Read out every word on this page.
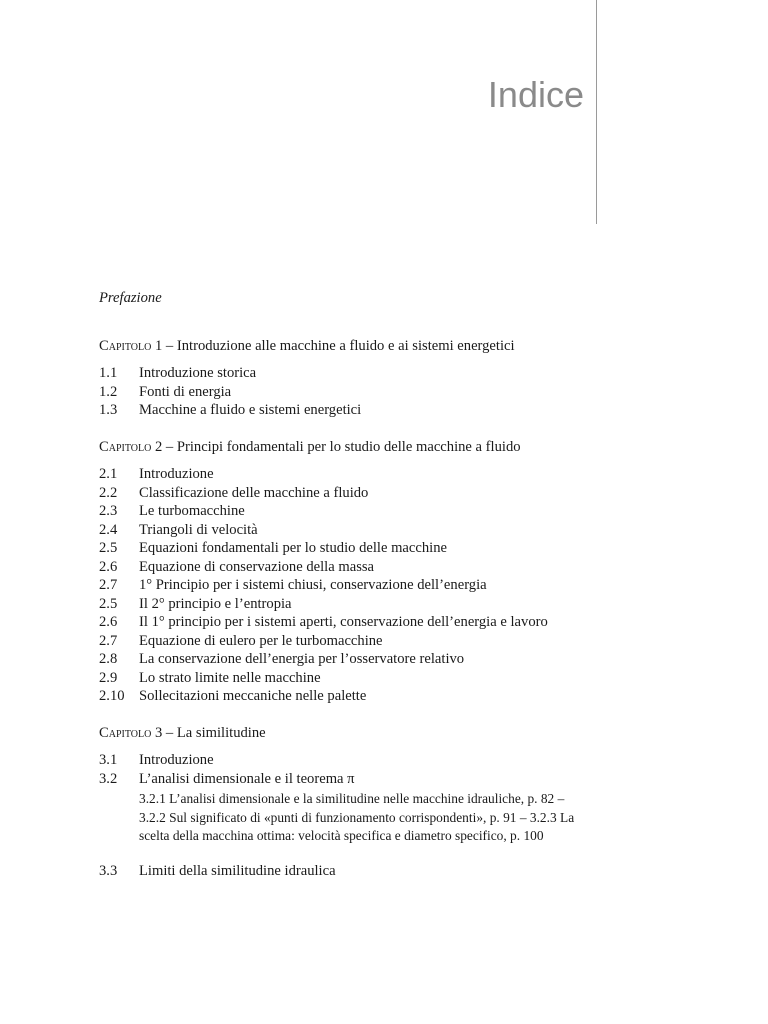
Indice
Prefazione
Capitolo 1 – Introduzione alle macchine a fluido e ai sistemi energetici
1.1 Introduzione storica
1.2 Fonti di energia
1.3 Macchine a fluido e sistemi energetici
Capitolo 2 – Principi fondamentali per lo studio delle macchine a fluido
2.1 Introduzione
2.2 Classificazione delle macchine a fluido
2.3 Le turbomacchine
2.4 Triangoli di velocità
2.5 Equazioni fondamentali per lo studio delle macchine
2.6 Equazione di conservazione della massa
2.7 1° Principio per i sistemi chiusi, conservazione dell’energia
2.5 Il 2° principio e l’entropia
2.6 Il 1° principio per i sistemi aperti, conservazione dell’energia e lavoro
2.7 Equazione di eulero per le turbomacchine
2.8 La conservazione dell’energia per l’osservatore relativo
2.9 Lo strato limite nelle macchine
2.10 Sollecitazioni meccaniche nelle palette
Capitolo 3 – La similitudine
3.1 Introduzione
3.2 L’analisi dimensionale e il teorema π
3.2.1 L’analisi dimensionale e la similitudine nelle macchine idrauliche, p. 82 – 3.2.2 Sul significato di «punti di funzionamento corrispondenti», p. 91 – 3.2.3 La scelta della macchina ottima: velocità specifica e diametro specifico, p. 100
3.3 Limiti della similitudine idraulica
